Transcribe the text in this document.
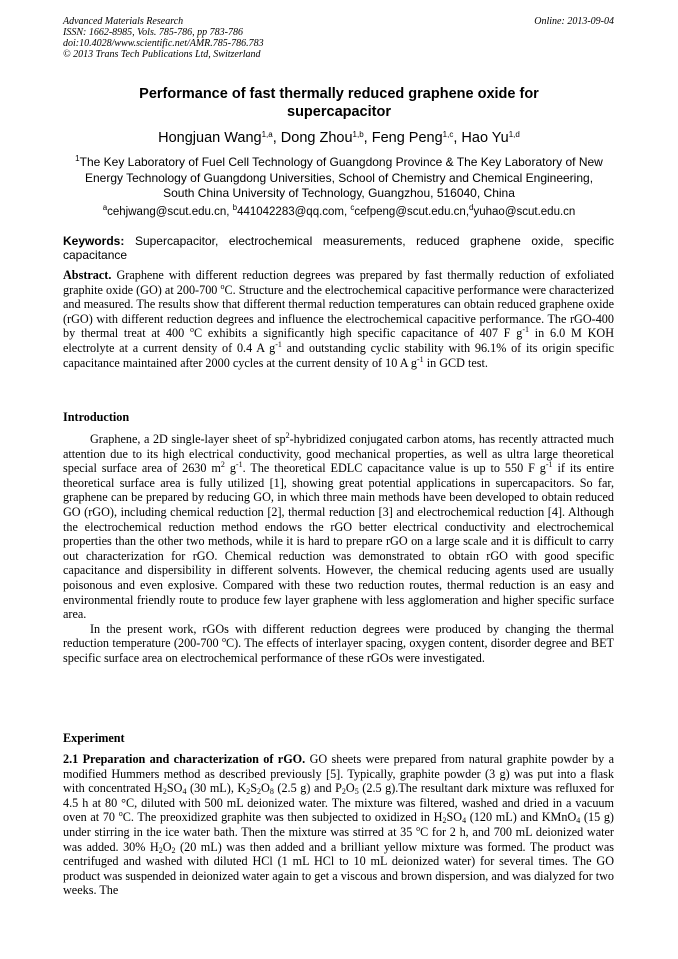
Advanced Materials Research
ISSN: 1662-8985, Vols. 785-786, pp 783-786
doi:10.4028/www.scientific.net/AMR.785-786.783
© 2013 Trans Tech Publications Ltd, Switzerland
Online: 2013-09-04
Performance of fast thermally reduced graphene oxide for
supercapacitor
Hongjuan Wang$^{1,a}$, Dong Zhou$^{1,b}$, Feng Peng$^{1,c}$, Hao Yu$^{1,d}$
$^1$The Key Laboratory of Fuel Cell Technology of Guangdong Province & The Key Laboratory of New
Energy Technology of Guangdong Universities, School of Chemistry and Chemical Engineering,
South China University of Technology, Guangzhou, 516040, China
$^a$cehjwang@scut.edu.cn, $^b$441042283@qq.com, $^c$cefpeng@scut.edu.cn,$^d$yuhao@scut.edu.cn
Keywords: Supercapacitor, electrochemical measurements, reduced graphene oxide, specific capacitance
Abstract. Graphene with different reduction degrees was prepared by fast thermally reduction of exfoliated graphite oxide (GO) at 200-700 $^o$C. Structure and the electrochemical capacitive performance were characterized and measured. The results show that different thermal reduction temperatures can obtain reduced graphene oxide (rGO) with different reduction degrees and influence the electrochemical capacitive performance. The rGO-400 by thermal treat at 400 $^o$C exhibits a significantly high specific capacitance of 407 F $g^{-1}$ in 6.0 M KOH electrolyte at a current density of 0.4 A $g^{-1}$ and outstanding cyclic stability with 96.1% of its origin specific capacitance maintained after 2000 cycles at the current density of 10 A $g^{-1}$ in GCD test.
Introduction

Graphene, a 2D single-layer sheet of $sp^2$-hybridized conjugated carbon atoms, has recently attracted much attention due to its high electrical conductivity, good mechanical properties, as well as ultra large theoretical special surface area of 2630 $m^2$ $g^{-1}$. The theoretical EDLC capacitance value is up to 550 F $g^{-1}$ if its entire theoretical surface area is fully utilized [1], showing great potential applications in supercapacitors. So far, graphene can be prepared by reducing GO, in which three main methods have been developed to obtain reduced GO (rGO), including chemical reduction [2], thermal reduction [3] and electrochemical reduction [4]. Although the electrochemical reduction method endows the rGO better electrical conductivity and electrochemical properties than the other two methods, while it is hard to prepare rGO on a large scale and it is difficult to carry out characterization for rGO. Chemical reduction was demonstrated to obtain rGO with good specific capacitance and dispersibility in different solvents. However, the chemical reducing agents used are usually poisonous and even explosive. Compared with these two reduction routes, thermal reduction is an easy and environmental friendly route to produce few layer graphene with less agglomeration and higher specific surface area.

In the present work, rGOs with different reduction degrees were produced by changing the thermal reduction temperature (200-700 $^o$C). The effects of interlayer spacing, oxygen content, disorder degree and BET specific surface area on electrochemical performance of these rGOs were investigated.

Experiment

2.1 Preparation and characterization of rGO. GO sheets were prepared from natural graphite powder by a modified Hummers method as described previously [5]. Typically, graphite powder (3 g) was put into a flask with concentrated $H_2SO_4$ (30 mL), $K_2S_2O_8$ (2.5 g) and $P_2O_5$ (2.5 g).The resultant dark mixture was refluxed for 4.5 h at 80 °C, diluted with 500 mL deionized water. The mixture was filtered, washed and dried in a vacuum oven at 70 $^o$C. The preoxidized graphite was then subjected to oxidized in $H_2SO_4$ (120 mL) and KMnO$_4$ (15 g) under stirring in the ice water bath. Then the mixture was stirred at 35 $^o$C for 2 h, and 700 mL deionized water was added. 30% $H_2O_2$ (20 mL) was then added and a brilliant yellow mixture was formed. The product was centrifuged and washed with diluted HCl (1 mL HCl to 10 mL deionized water) for several times. The GO product was suspended in deionized water again to get a viscous and brown dispersion, and was dialyzed for two weeks. The
